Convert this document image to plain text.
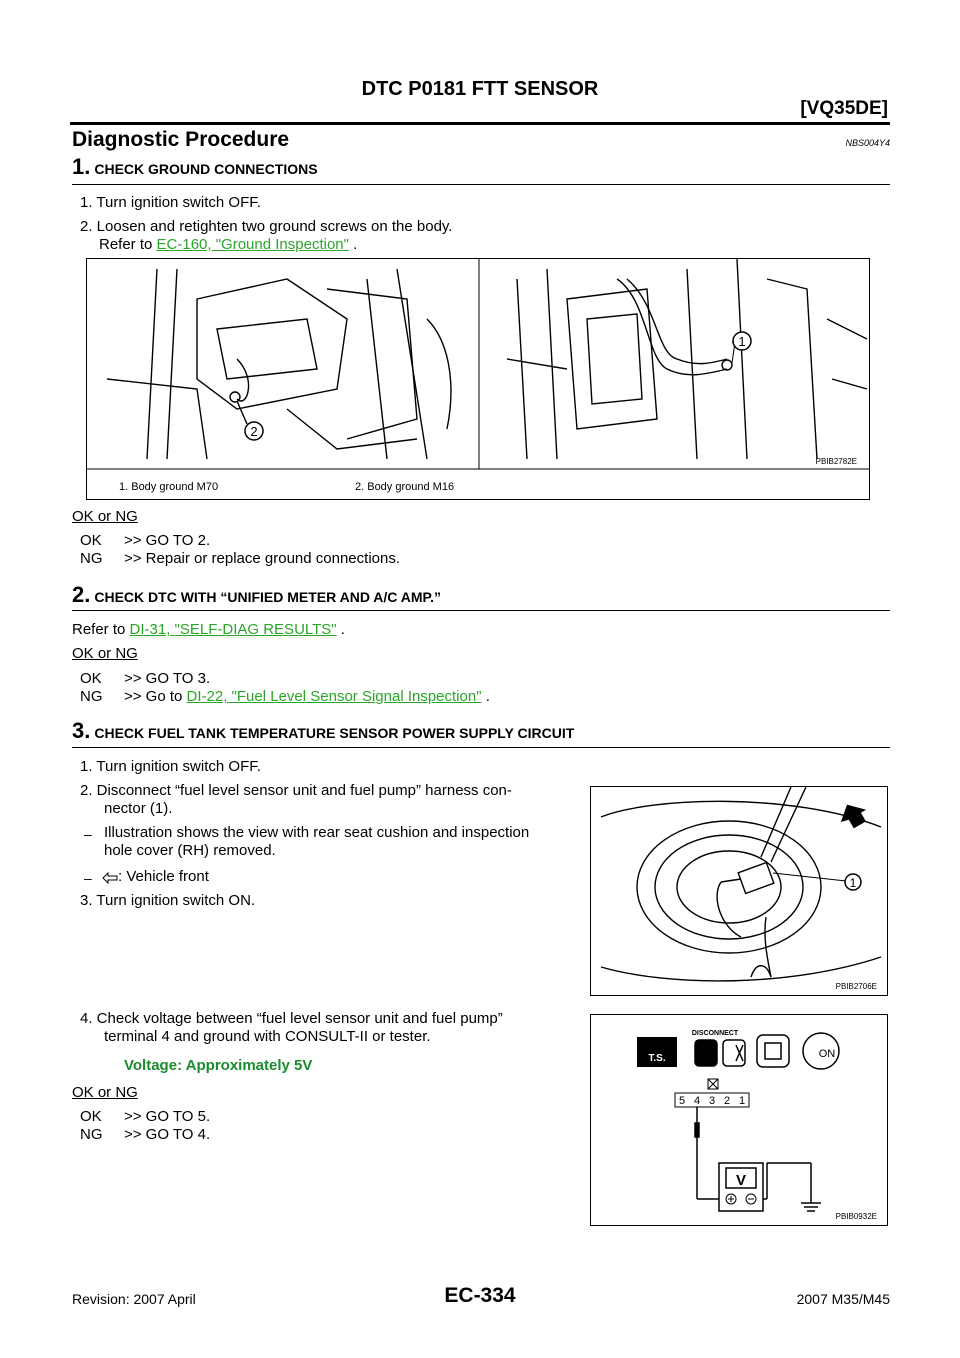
DTC P0181 FTT SENSOR
[VQ35DE]
Diagnostic Procedure	NBS004Y4
1. CHECK GROUND CONNECTIONS
1. Turn ignition switch OFF.
2. Loosen and retighten two ground screws on the body.
Refer to EC-160, "Ground Inspection" .
2
1
PBIB2782E
1. Body ground M70	2. Body ground M16
OK or NG
OK >> GO TO 2.
NG >> Repair or replace ground connections.
2. CHECK DTC WITH “UNIFIED METER AND A/C AMP.”
Refer to DI-31, "SELF-DIAG RESULTS" .
OK or NG
OK >> GO TO 3.
NG >> Go to DI-22, "Fuel Level Sensor Signal Inspection" .
3. CHECK FUEL TANK TEMPERATURE SENSOR POWER SUPPLY CIRCUIT
1. Turn ignition switch OFF.
2. Disconnect “fuel level sensor unit and fuel pump” harness con-
nector (1).
– Illustration shows the view with rear seat cushion and inspection
hole cover (RH) removed.
– : Vehicle front
3. Turn ignition switch ON.
1
PBIB2706E
4. Check voltage between “fuel level sensor unit and fuel pump”
terminal 4 and ground with CONSULT-II or tester.
Voltage: Approximately 5V
OK or NG
OK >> GO TO 5.
NG >> GO TO 4.
T.S.
DISCONNECT
ON
5 4 3 2 1
V
PBIB0932E
EC-334
Revision: 2007 April	2007 M35/M45
